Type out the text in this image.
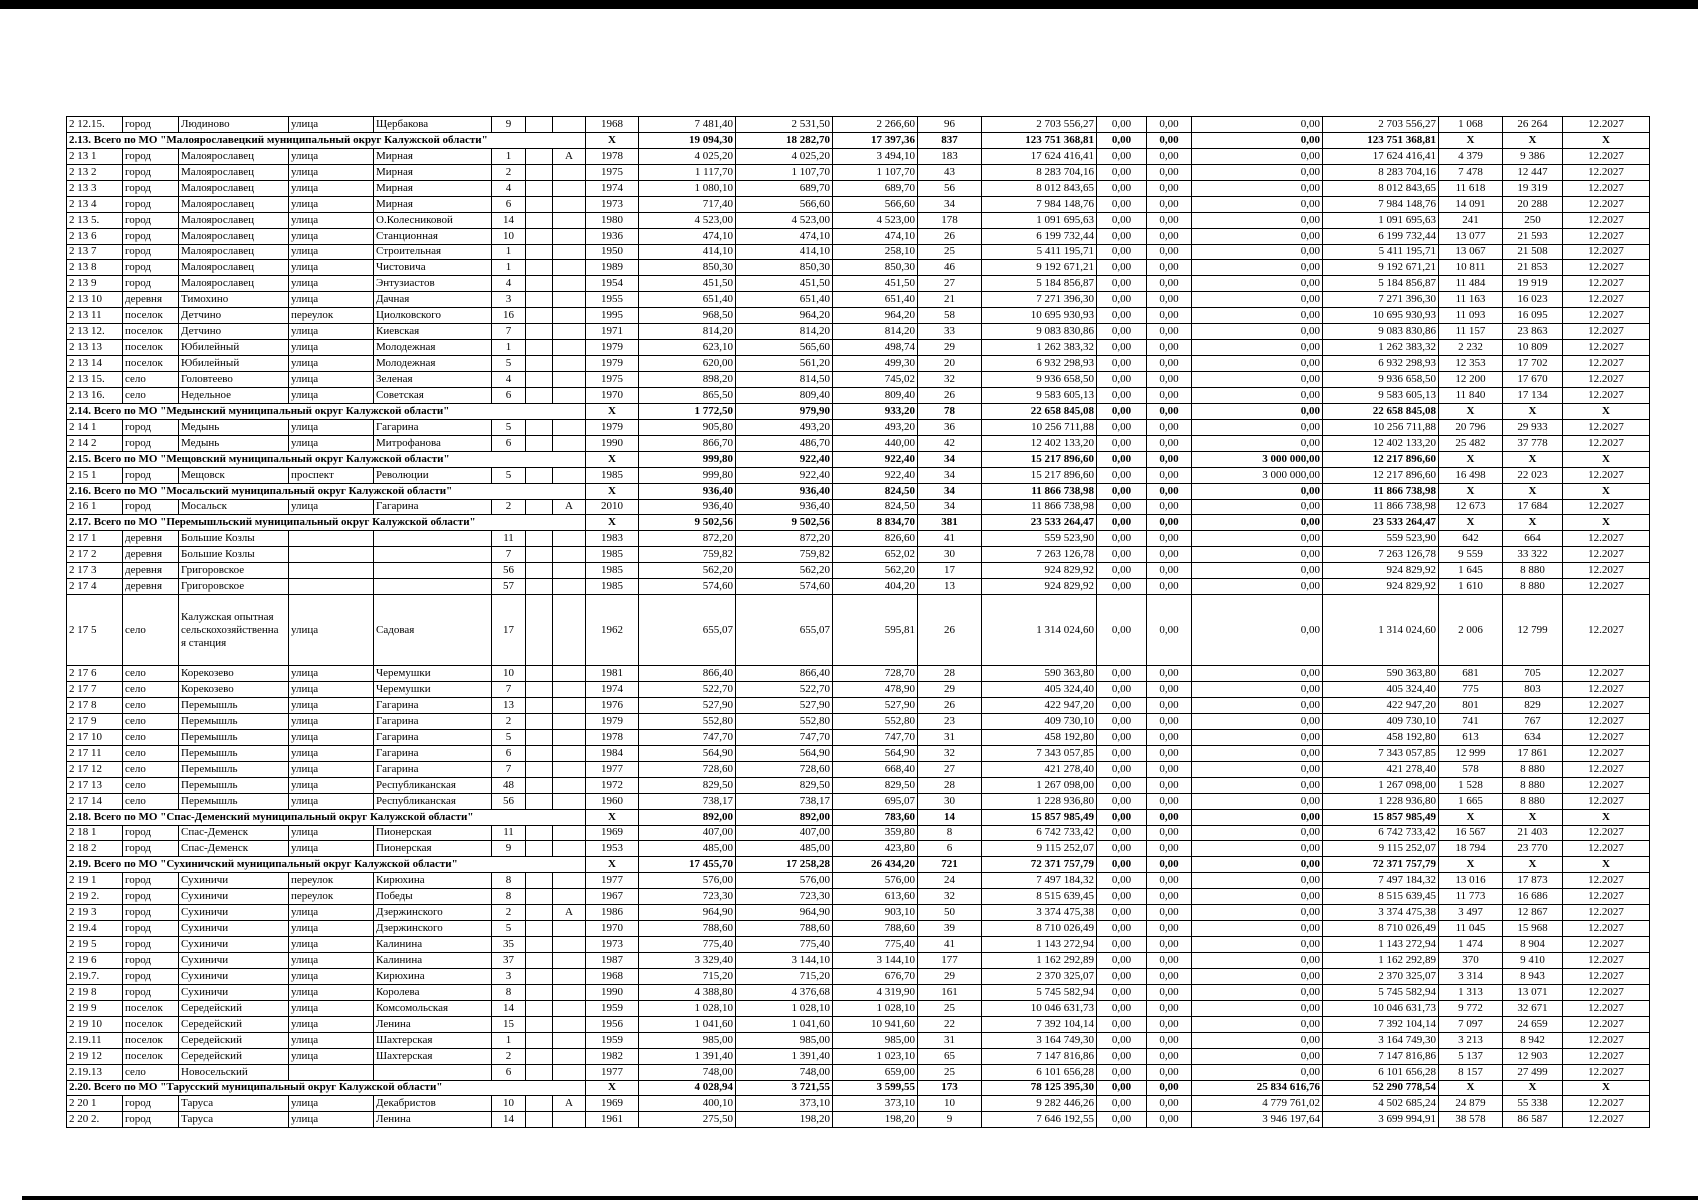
2 12.15.	город	Людиново	улица	Щербакова	9			1968	7 481,40	2 531,50	2 266,60	96	2 703 556,27	0,00	0,00	0,00	2 703 556,27	1 068	26 264	12.2027
2.13. Всего по МО "Малоярославецкий муниципальный округ Калужской области"								X	19 094,30	18 282,70	17 397,36	837	123 751 368,81	0,00	0,00	0,00	123 751 368,81	X	X	X
2 13 1	город	Малоярославец	улица	Мирная	1		А	1978	4 025,20	4 025,20	3 494,10	183	17 624 416,41	0,00	0,00	0,00	17 624 416,41	4 379	9 386	12.2027
2 13 2	город	Малоярославец	улица	Мирная	2			1975	1 117,70	1 107,70	1 107,70	43	8 283 704,16	0,00	0,00	0,00	8 283 704,16	7 478	12 447	12.2027
2 13 3	город	Малоярославец	улица	Мирная	4			1974	1 080,10	689,70	689,70	56	8 012 843,65	0,00	0,00	0,00	8 012 843,65	11 618	19 319	12.2027
2 13 4	город	Малоярославец	улица	Мирная	6			1973	717,40	566,60	566,60	34	7 984 148,76	0,00	0,00	0,00	7 984 148,76	14 091	20 288	12.2027
2 13 5.	город	Малоярославец	улица	О.Колесниковой	14			1980	4 523,00	4 523,00	4 523,00	178	1 091 695,63	0,00	0,00	0,00	1 091 695,63	241	250	12.2027
2 13 6	город	Малоярославец	улица	Станционная	10			1936	474,10	474,10	474,10	26	6 199 732,44	0,00	0,00	0,00	6 199 732,44	13 077	21 593	12.2027
2 13 7	город	Малоярославец	улица	Строительная	1			1950	414,10	414,10	258,10	25	5 411 195,71	0,00	0,00	0,00	5 411 195,71	13 067	21 508	12.2027
2 13 8	город	Малоярославец	улица	Чистовича	1			1989	850,30	850,30	850,30	46	9 192 671,21	0,00	0,00	0,00	9 192 671,21	10 811	21 853	12.2027
2 13 9	город	Малоярославец	улица	Энтузиастов	4			1954	451,50	451,50	451,50	27	5 184 856,87	0,00	0,00	0,00	5 184 856,87	11 484	19 919	12.2027
2 13 10	деревня	Тимохино	улица	Дачная	3			1955	651,40	651,40	651,40	21	7 271 396,30	0,00	0,00	0,00	7 271 396,30	11 163	16 023	12.2027
2 13 11	поселок	Детчино	переулок	Циолковского	16			1995	968,50	964,20	964,20	58	10 695 930,93	0,00	0,00	0,00	10 695 930,93	11 093	16 095	12.2027
2 13 12.	поселок	Детчино	улица	Киевская	7			1971	814,20	814,20	814,20	33	9 083 830,86	0,00	0,00	0,00	9 083 830,86	11 157	23 863	12.2027
2 13 13	поселок	Юбилейный	улица	Молодежная	1			1979	623,10	565,60	498,74	29	1 262 383,32	0,00	0,00	0,00	1 262 383,32	2 232	10 809	12.2027
2 13 14	поселок	Юбилейный	улица	Молодежная	5			1979	620,00	561,20	499,30	20	6 932 298,93	0,00	0,00	0,00	6 932 298,93	12 353	17 702	12.2027
2 13 15.	село	Головтеево	улица	Зеленая	4			1975	898,20	814,50	745,02	32	9 936 658,50	0,00	0,00	0,00	9 936 658,50	12 200	17 670	12.2027
2 13 16.	село	Недельное	улица	Советская	6			1970	865,50	809,40	809,40	26	9 583 605,13	0,00	0,00	0,00	9 583 605,13	11 840	17 134	12.2027
2.14. Всего по МО "Медынский муниципальный округ Калужской области"								X	1 772,50	979,90	933,20	78	22 658 845,08	0,00	0,00	0,00	22 658 845,08	X	X	X
2 14 1	город	Медынь	улица	Гагарина	5			1979	905,80	493,20	493,20	36	10 256 711,88	0,00	0,00	0,00	10 256 711,88	20 796	29 933	12.2027
2 14 2	город	Медынь	улица	Митрофанова	6			1990	866,70	486,70	440,00	42	12 402 133,20	0,00	0,00	0,00	12 402 133,20	25 482	37 778	12.2027
2.15. Всего по МО "Мещовский муниципальный округ Калужской области"								X	999,80	922,40	922,40	34	15 217 896,60	0,00	0,00	3 000 000,00	12 217 896,60	X	X	X
2 15 1	город	Мещовск	проспект	Революции	5			1985	999,80	922,40	922,40	34	15 217 896,60	0,00	0,00	3 000 000,00	12 217 896,60	16 498	22 023	12.2027
2.16. Всего по МО "Мосальский муниципальный округ Калужской области"								X	936,40	936,40	824,50	34	11 866 738,98	0,00	0,00	0,00	11 866 738,98	X	X	X
2 16 1	город	Мосальск	улица	Гагарина	2		А	2010	936,40	936,40	824,50	34	11 866 738,98	0,00	0,00	0,00	11 866 738,98	12 673	17 684	12.2027
2.17. Всего по МО "Перемышльский муниципальный округ Калужской области"								X	9 502,56	9 502,56	8 834,70	381	23 533 264,47	0,00	0,00	0,00	23 533 264,47	X	X	X
2 17 1	деревня	Большие Козлы			11			1983	872,20	872,20	826,60	41	559 523,90	0,00	0,00	0,00	559 523,90	642	664	12.2027
2 17 2	деревня	Большие Козлы			7			1985	759,82	759,82	652,02	30	7 263 126,78	0,00	0,00	0,00	7 263 126,78	9 559	33 322	12.2027
2 17 3	деревня	Григоровское			56			1985	562,20	562,20	562,20	17	924 829,92	0,00	0,00	0,00	924 829,92	1 645	8 880	12.2027
2 17 4	деревня	Григоровское			57			1985	574,60	574,60	404,20	13	924 829,92	0,00	0,00	0,00	924 829,92	1 610	8 880	12.2027
2 17 5	село	Калужская опытная сельскохозяйственна я станция	улица	Садовая	17			1962	655,07	655,07	595,81	26	1 314 024,60	0,00	0,00	0,00	1 314 024,60	2 006	12 799	12.2027
2 17 6	село	Корекозево	улица	Черемушки	10			1981	866,40	866,40	728,70	28	590 363,80	0,00	0,00	0,00	590 363,80	681	705	12.2027
2 17 7	село	Корекозево	улица	Черемушки	7			1974	522,70	522,70	478,90	29	405 324,40	0,00	0,00	0,00	405 324,40	775	803	12.2027
2 17 8	село	Перемышль	улица	Гагарина	13			1976	527,90	527,90	527,90	26	422 947,20	0,00	0,00	0,00	422 947,20	801	829	12.2027
2 17 9	село	Перемышль	улица	Гагарина	2			1979	552,80	552,80	552,80	23	409 730,10	0,00	0,00	0,00	409 730,10	741	767	12.2027
2 17 10	село	Перемышль	улица	Гагарина	5			1978	747,70	747,70	747,70	31	458 192,80	0,00	0,00	0,00	458 192,80	613	634	12.2027
2 17 11	село	Перемышль	улица	Гагарина	6			1984	564,90	564,90	564,90	32	7 343 057,85	0,00	0,00	0,00	7 343 057,85	12 999	17 861	12.2027
2 17 12	село	Перемышль	улица	Гагарина	7			1977	728,60	728,60	668,40	27	421 278,40	0,00	0,00	0,00	421 278,40	578	8 880	12.2027
2 17 13	село	Перемышль	улица	Республиканская	48			1972	829,50	829,50	829,50	28	1 267 098,00	0,00	0,00	0,00	1 267 098,00	1 528	8 880	12.2027
2 17 14	село	Перемышль	улица	Республиканская	56			1960	738,17	738,17	695,07	30	1 228 936,80	0,00	0,00	0,00	1 228 936,80	1 665	8 880	12.2027
2.18. Всего по МО "Спас-Деменский муниципальный округ Калужской области"								X	892,00	892,00	783,60	14	15 857 985,49	0,00	0,00	0,00	15 857 985,49	X	X	X
2 18 1	город	Спас-Деменск	улица	Пионерская	11			1969	407,00	407,00	359,80	8	6 742 733,42	0,00	0,00	0,00	6 742 733,42	16 567	21 403	12.2027
2 18 2	город	Спас-Деменск	улица	Пионерская	9			1953	485,00	485,00	423,80	6	9 115 252,07	0,00	0,00	0,00	9 115 252,07	18 794	23 770	12.2027
2.19. Всего по МО "Сухиничский муниципальный округ Калужской области"								X	17 455,70	17 258,28	26 434,20	721	72 371 757,79	0,00	0,00	0,00	72 371 757,79	X	X	X
2 19 1	город	Сухиничи	переулок	Кирюхина	8			1977	576,00	576,00	576,00	24	7 497 184,32	0,00	0,00	0,00	7 497 184,32	13 016	17 873	12.2027
2 19 2.	город	Сухиничи	переулок	Победы	8			1967	723,30	723,30	613,60	32	8 515 639,45	0,00	0,00	0,00	8 515 639,45	11 773	16 686	12.2027
2 19 3	город	Сухиничи	улица	Дзержинского	2		А	1986	964,90	964,90	903,10	50	3 374 475,38	0,00	0,00	0,00	3 374 475,38	3 497	12 867	12.2027
2 19.4	город	Сухиничи	улица	Дзержинского	5			1970	788,60	788,60	788,60	39	8 710 026,49	0,00	0,00	0,00	8 710 026,49	11 045	15 968	12.2027
2 19 5	город	Сухиничи	улица	Калинина	35			1973	775,40	775,40	775,40	41	1 143 272,94	0,00	0,00	0,00	1 143 272,94	1 474	8 904	12.2027
2 19 6	город	Сухиничи	улица	Калинина	37			1987	3 329,40	3 144,10	3 144,10	177	1 162 292,89	0,00	0,00	0,00	1 162 292,89	370	9 410	12.2027
2.19.7.	город	Сухиничи	улица	Кирюхина	3			1968	715,20	715,20	676,70	29	2 370 325,07	0,00	0,00	0,00	2 370 325,07	3 314	8 943	12.2027
2 19 8	город	Сухиничи	улица	Королева	8			1990	4 388,80	4 376,68	4 319,90	161	5 745 582,94	0,00	0,00	0,00	5 745 582,94	1 313	13 071	12.2027
2 19 9	поселок	Середейский	улица	Комсомольская	14			1959	1 028,10	1 028,10	1 028,10	25	10 046 631,73	0,00	0,00	0,00	10 046 631,73	9 772	32 671	12.2027
2 19 10	поселок	Середейский	улица	Ленина	15			1956	1 041,60	1 041,60	10 941,60	22	7 392 104,14	0,00	0,00	0,00	7 392 104,14	7 097	24 659	12.2027
2.19.11	поселок	Середейский	улица	Шахтерская	1			1959	985,00	985,00	985,00	31	3 164 749,30	0,00	0,00	0,00	3 164 749,30	3 213	8 942	12.2027
2 19 12	поселок	Середейский	улица	Шахтерская	2			1982	1 391,40	1 391,40	1 023,10	65	7 147 816,86	0,00	0,00	0,00	7 147 816,86	5 137	12 903	12.2027
2.19.13	село	Новосельский			6			1977	748,00	748,00	659,00	25	6 101 656,28	0,00	0,00	0,00	6 101 656,28	8 157	27 499	12.2027
2.20. Всего по МО "Тарусский муниципальный округ Калужской области"								X	4 028,94	3 721,55	3 599,55	173	78 125 395,30	0,00	0,00	25 834 616,76	52 290 778,54	X	X	X
2 20 1	город	Таруса	улица	Декабристов	10		А	1969	400,10	373,10	373,10	10	9 282 446,26	0,00	0,00	4 779 761,02	4 502 685,24	24 879	55 338	12.2027
2 20 2.	город	Таруса	улица	Ленина	14			1961	275,50	198,20	198,20	9	7 646 192,55	0,00	0,00	3 946 197,64	3 699 994,91	38 578	86 587	12.2027
